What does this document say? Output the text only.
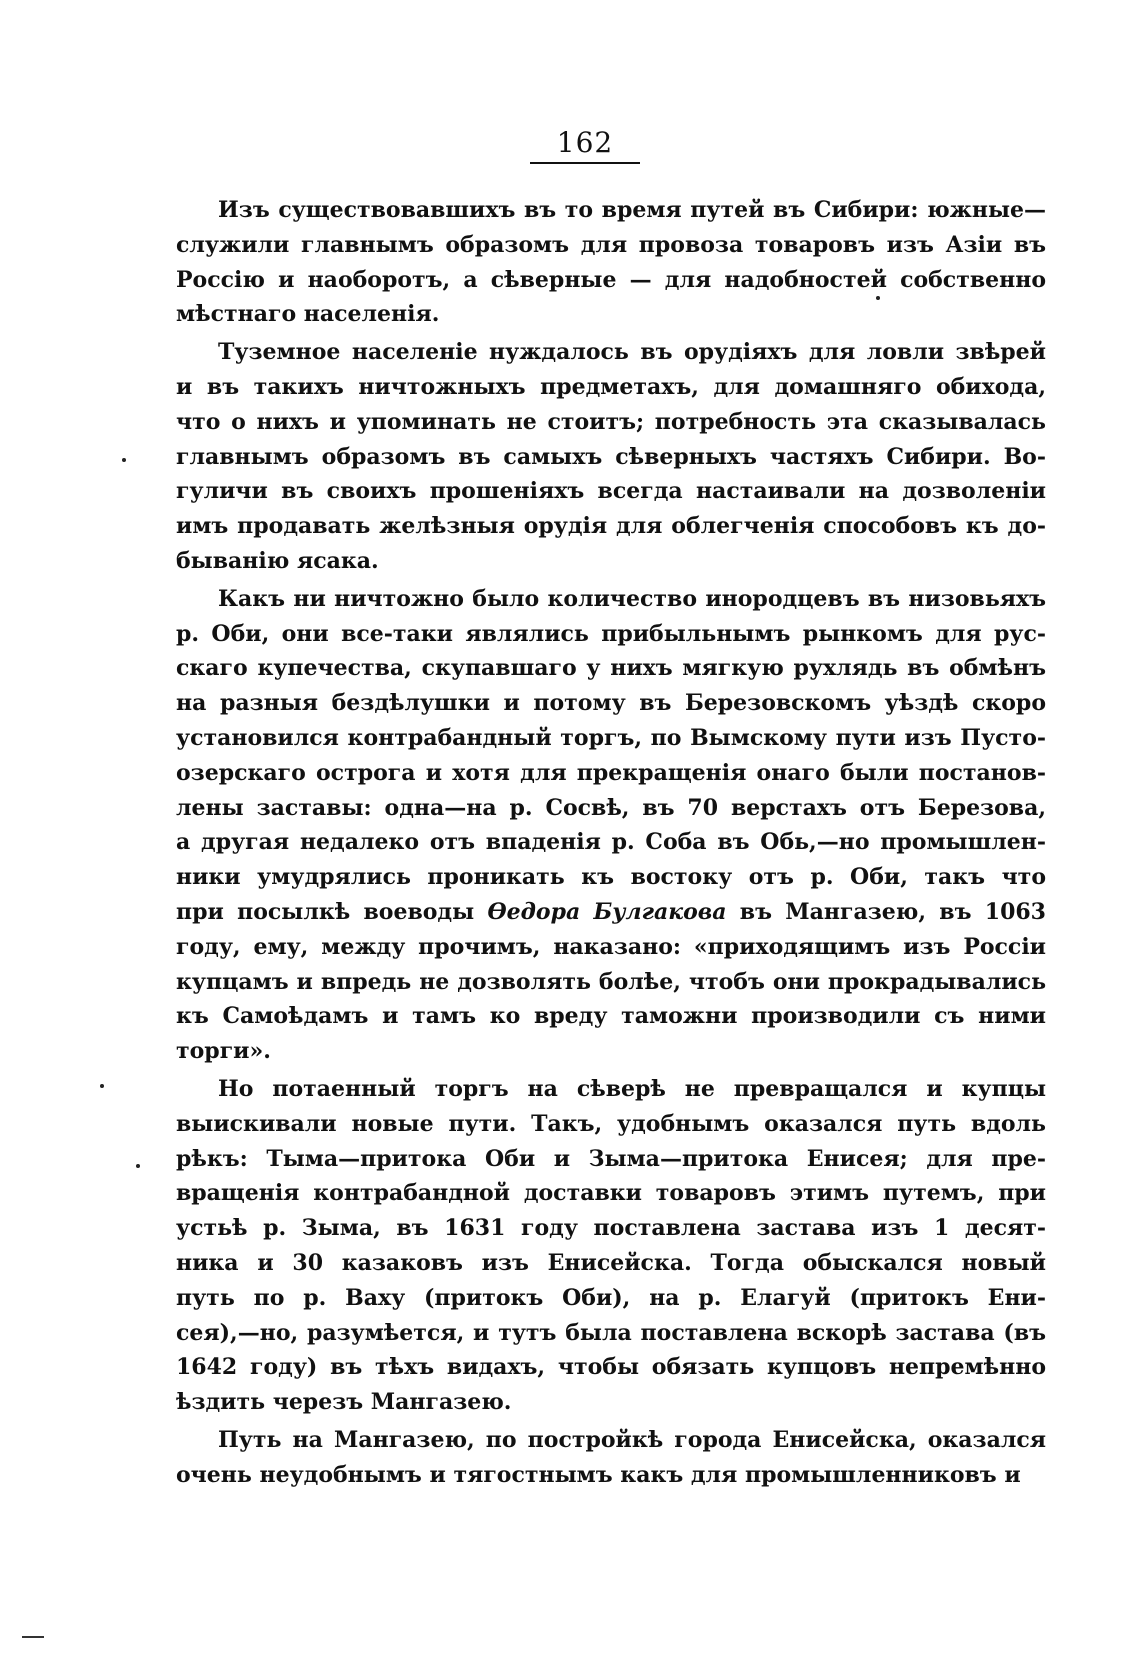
162
Изъ существовавшихъ въ то время путей въ Сибири: южные—
служили главнымъ образомъ для провоза товаровъ изъ Азіи въ
Россію и наоборотъ, а сѣверные — для надобностей собственно
мѣстнаго населенія.
Туземное населеніе нуждалось въ орудіяхъ для ловли звѣрей
и въ такихъ ничтожныхъ предметахъ, для домашняго обихода,
что о нихъ и упоминать не стоитъ; потребность эта сказывалась
главнымъ образомъ въ самыхъ сѣверныхъ частяхъ Сибири. Во-
гуличи въ своихъ прошеніяхъ всегда настаивали на дозволеніи
имъ продавать желѣзныя орудія для облегченія способовъ къ до-
быванію ясака.
Какъ ни ничтожно было количество инородцевъ въ низовьяхъ
р. Оби, они все-таки являлись прибыльнымъ рынкомъ для рус-
скаго купечества, скупавшаго у нихъ мягкую рухлядь въ обмѣнъ
на разныя бездѣлушки и потому въ Березовскомъ уѣздѣ скоро
установился контрабандный торгъ, по Вымскому пути изъ Пусто-
озерскаго острога и хотя для прекращенія онаго были постанов-
лены заставы: одна—на р. Сосвѣ, въ 70 верстахъ отъ Березова,
а другая недалеко отъ впаденія р. Соба въ Обь,—но промышлен-
ники умудрялись проникать къ востоку отъ р. Оби, такъ что
при посылкѣ воеводы Ѳедора Булгакова въ Мангазею, въ 1063
году, ему, между прочимъ, наказано: «приходящимъ изъ Россіи
купцамъ и впредь не дозволять болѣе, чтобъ они прокрадывались
къ Самоѣдамъ и тамъ ко вреду таможни производили съ ними
торги».
Но потаенный торгъ на сѣверѣ не превращался и купцы
выискивали новые пути. Такъ, удобнымъ оказался путь вдоль
рѣкъ: Тыма—притока Оби и Зыма—притока Енисея; для пре-
вращенія контрабандной доставки товаровъ этимъ путемъ, при
устьѣ р. Зыма, въ 1631 году поставлена застава изъ 1 десят-
ника и 30 казаковъ изъ Енисейска. Тогда обыскался новый
путь по р. Ваху (притокъ Оби), на р. Елагуй (притокъ Ени-
сея),—но, разумѣется, и тутъ была поставлена вскорѣ застава (въ
1642 году) въ тѣхъ видахъ, чтобы обязать купцовъ непремѣнно
ѣздить черезъ Мангазею.
Путь на Мангазею, по постройкѣ города Енисейска, оказался
очень неудобнымъ и тягостнымъ какъ для промышленниковъ и
